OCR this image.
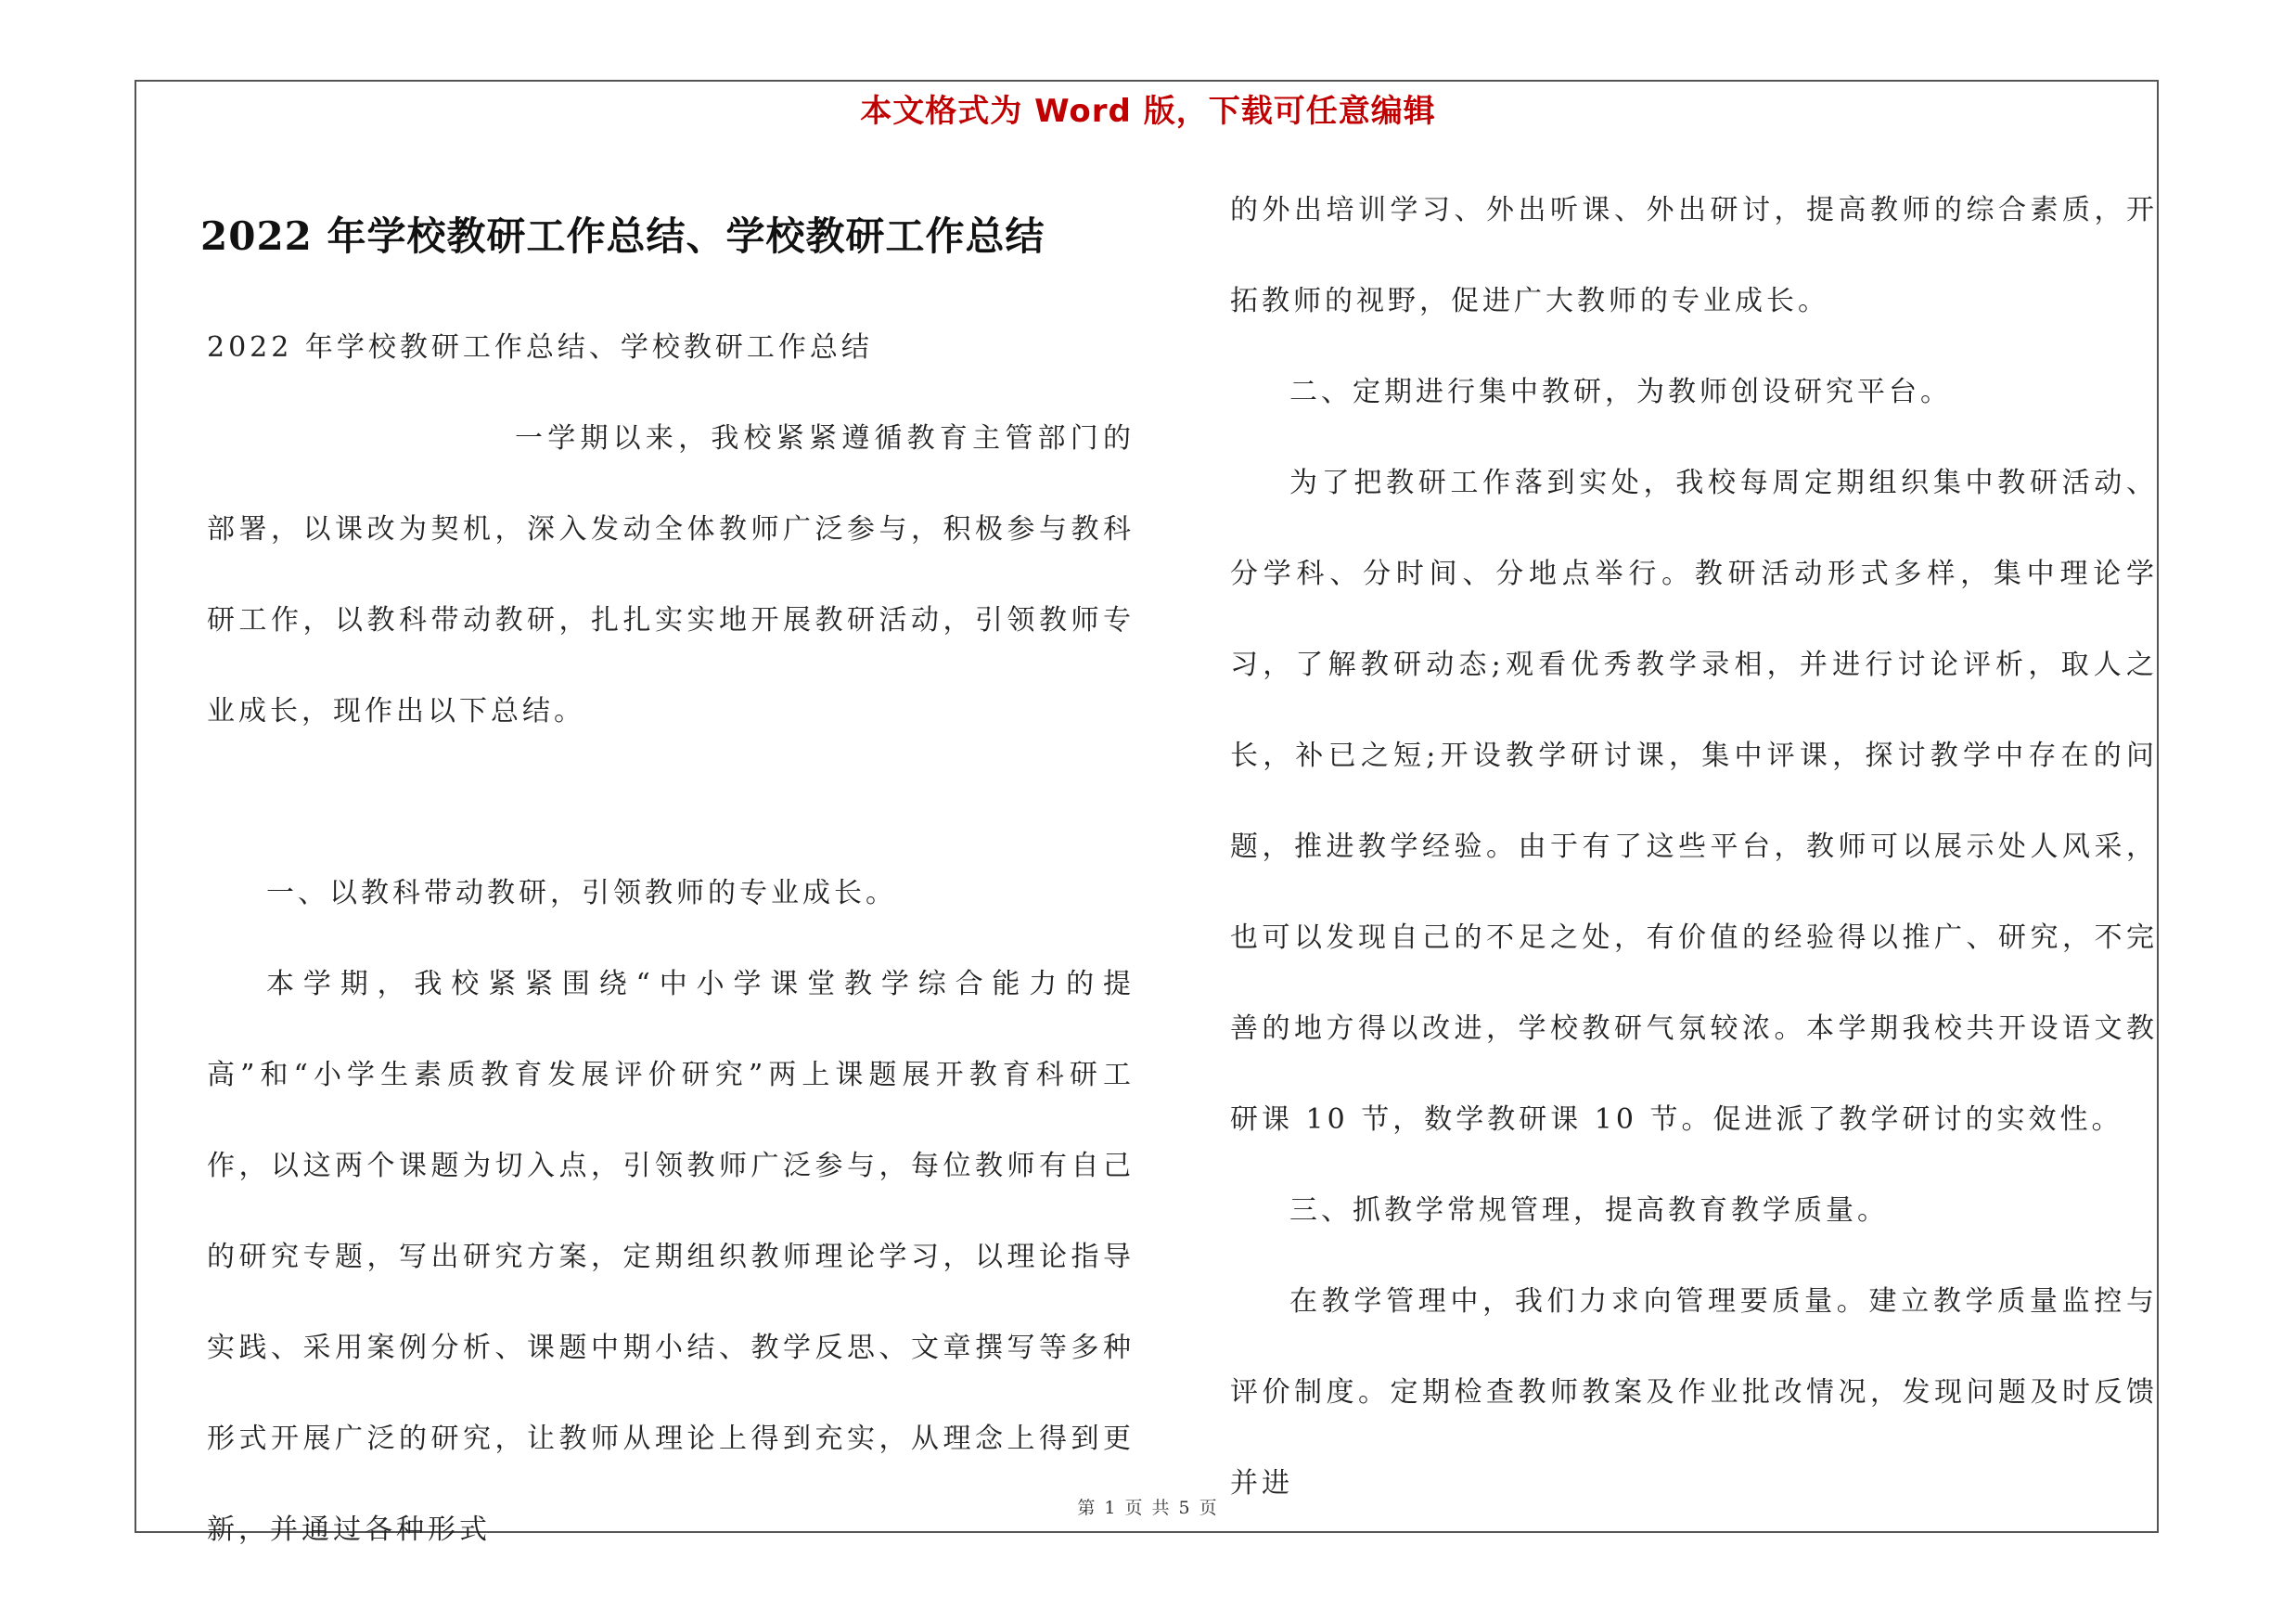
本文格式为 Word 版，下载可任意编辑
2022 年学校教研工作总结、学校教研工作总结

2022 年学校教研工作总结、学校教研工作总结

一学期以来，我校紧紧遵循教育主管部门的部署，以课改为契机，深入发动全体教师广泛参与，积极参与教科研工作，以教科带动教研，扎扎实实地开展教研活动，引领教师专业成长，现作出以下总结。

一、以教科带动教研，引领教师的专业成长。

本学期，我校紧紧围绕“中小学课堂教学综合能力的提高”和“小学生素质教育发展评价研究”两上课题展开教育科研工作，以这两个课题为切入点，引领教师广泛参与，每位教师有自己的研究专题，写出研究方案，定期组织教师理论学习，以理论指导实践、采用案例分析、课题中期小结、教学反思、文章撰写等多种形式开展广泛的研究，让教师从理论上得到充实，从理念上得到更新，并通过各种形式

的外出培训学习、外出听课、外出研讨，提高教师的综合素质，开拓教师的视野，促进广大教师的专业成长。

二、定期进行集中教研，为教师创设研究平台。

为了把教研工作落到实处，我校每周定期组织集中教研活动、分学科、分时间、分地点举行。教研活动形式多样，集中理论学习，了解教研动态;观看优秀教学录相，并进行讨论评析，取人之长，补已之短;开设教学研讨课，集中评课，探讨教学中存在的问题，推进教学经验。由于有了这些平台，教师可以展示处人风采，也可以发现自己的不足之处，有价值的经验得以推广、研究，不完善的地方得以改进，学校教研气氛较浓。本学期我校共开设语文教研课 10 节，数学教研课 10 节。促进派了教学研讨的实效性。

三、抓教学常规管理，提高教育教学质量。

在教学管理中，我们力求向管理要质量。建立教学质量监控与评价制度。定期检查教师教案及作业批改情况，发现问题及时反馈并进

第 1 页 共 5 页
